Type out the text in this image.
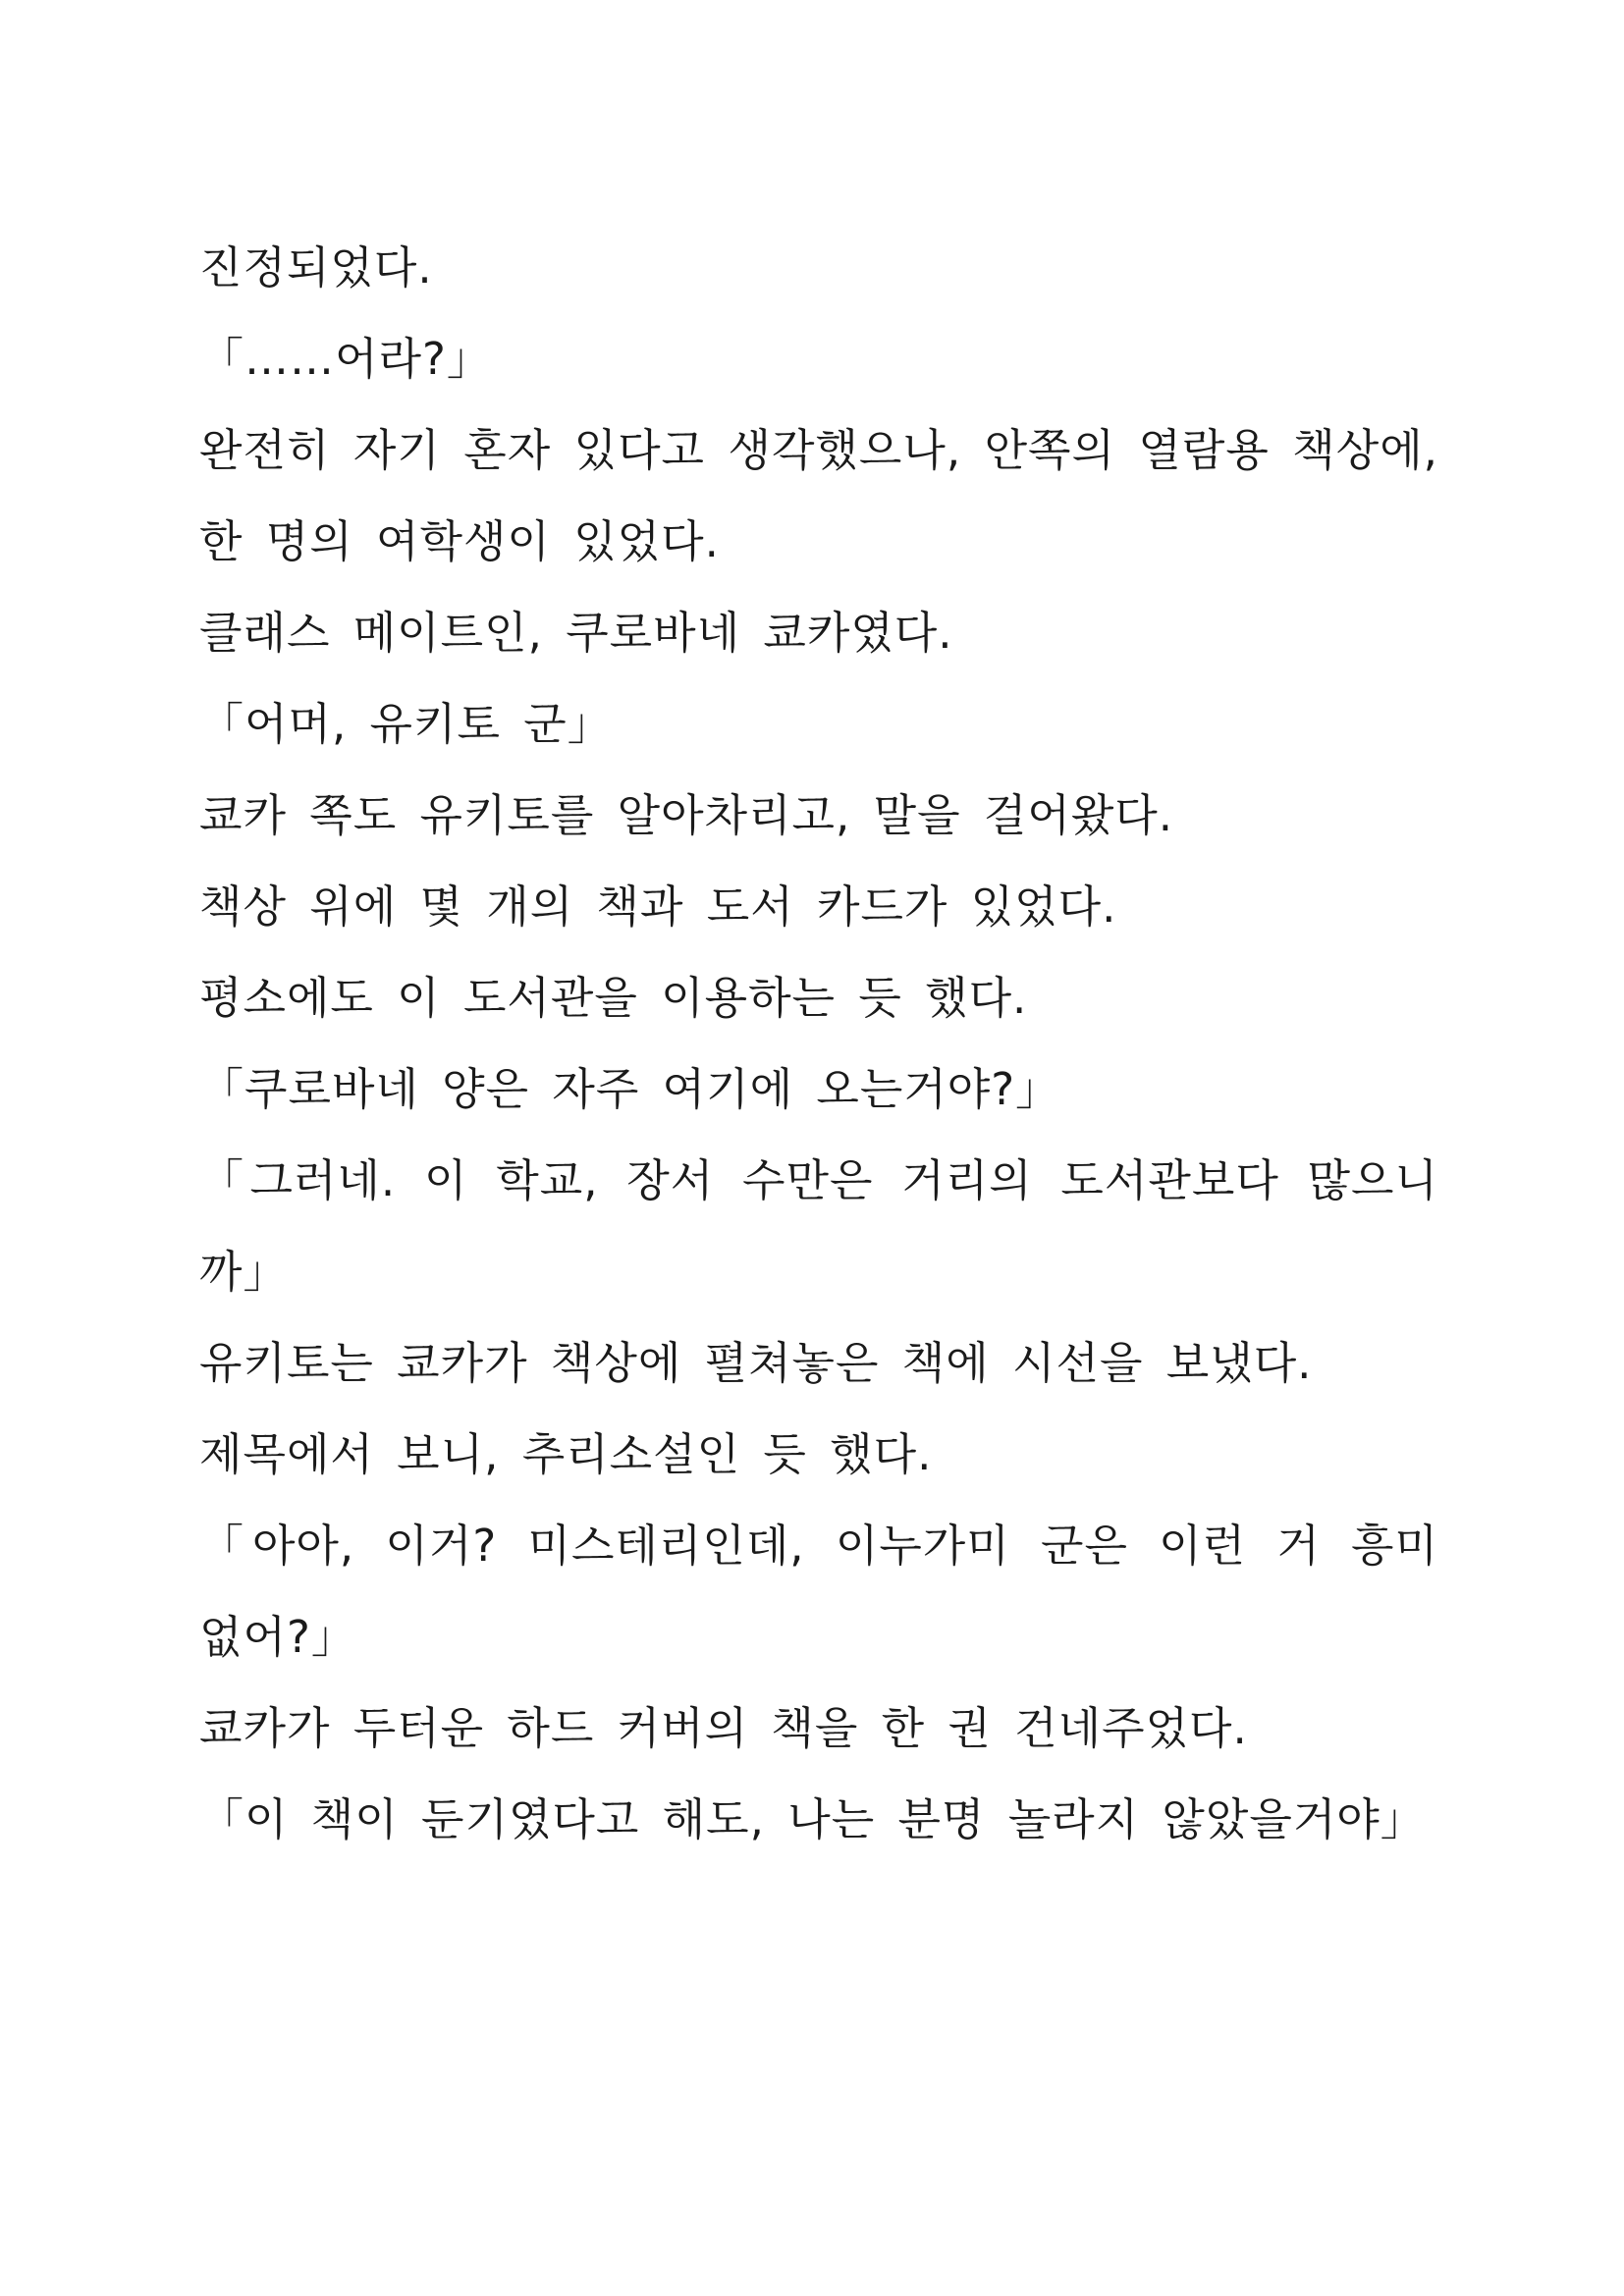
진정되었다.

「……어라?」

완전히 자기 혼자 있다고 생각했으나, 안쪽의 열람용 책상에, 한 명의 여학생이 있었다.

클래스 메이트인, 쿠로바네 쿄카였다.

「어머, 유키토 군」

쿄카 쪽도 유키토를 알아차리고, 말을 걸어왔다.

책상 위에 몇 개의 책과 도서 카드가 있었다.

평소에도 이 도서관을 이용하는 듯 했다.

「쿠로바네 양은 자주 여기에 오는거야?」

「그러네. 이 학교, 장서 수만은 거리의 도서관보다 많으니까」

유키토는 쿄카가 책상에 펼쳐놓은 책에 시선을 보냈다.

제목에서 보니, 추리소설인 듯 했다.

「아아, 이거? 미스테리인데, 이누가미 군은 이런 거 흥미 없어?」

쿄카가 두터운 하드 커버의 책을 한 권 건네주었다.

「이 책이 둔기였다고 해도, 나는 분명 놀라지 않았을거야」
